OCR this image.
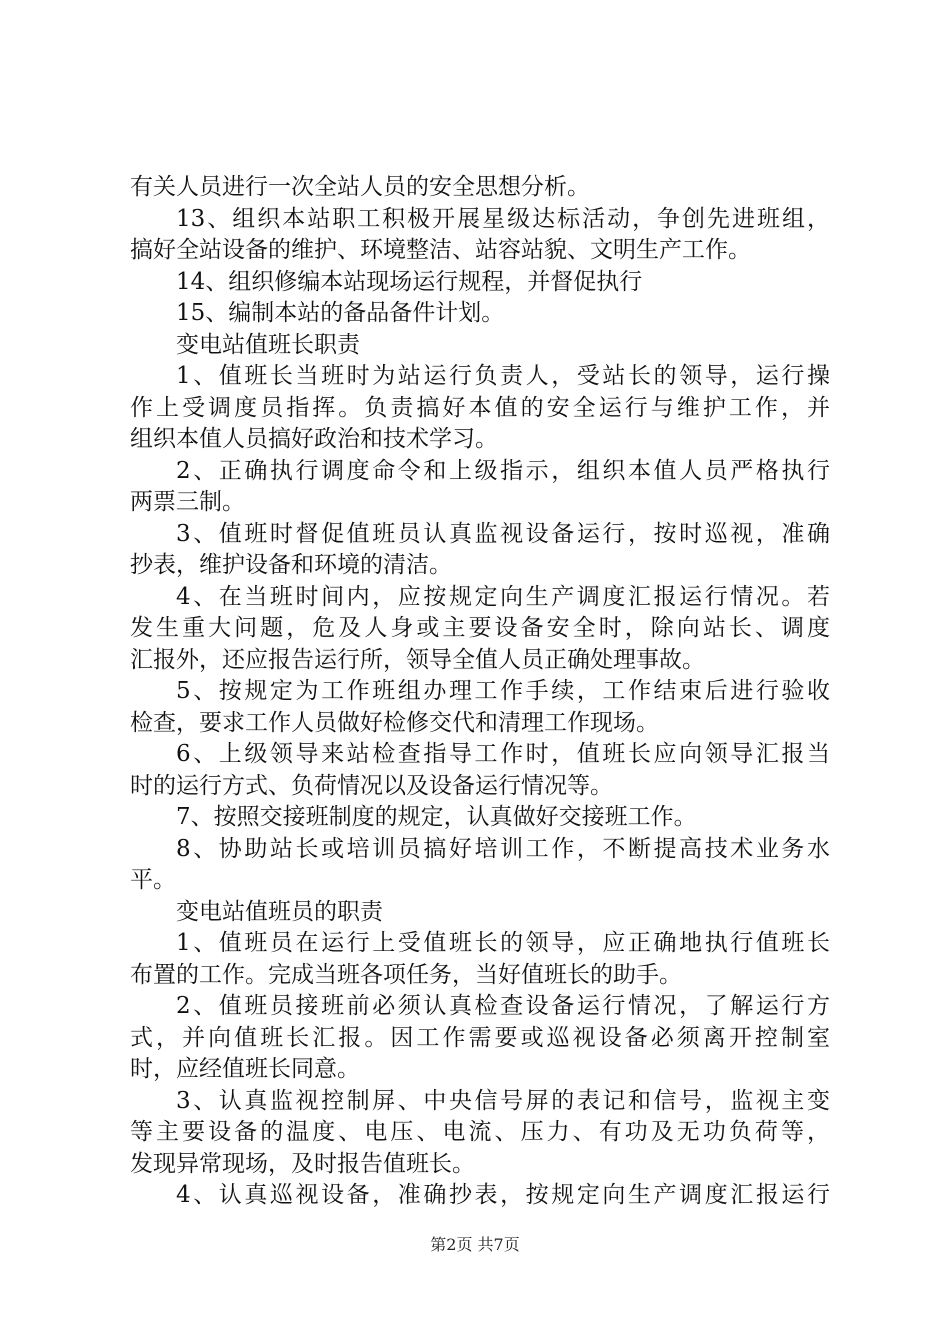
有关人员进行一次全站人员的安全思想分析。
13、组织本站职工积极开展星级达标活动，争创先进班组，
搞好全站设备的维护、环境整洁、站容站貌、文明生产工作。
14、组织修编本站现场运行规程，并督促执行
15、编制本站的备品备件计划。
变电站值班长职责
1、值班长当班时为站运行负责人，受站长的领导，运行操
作上受调度员指挥。负责搞好本值的安全运行与维护工作，并
组织本值人员搞好政治和技术学习。
2、正确执行调度命令和上级指示，组织本值人员严格执行
两票三制。
3、值班时督促值班员认真监视设备运行，按时巡视，准确
抄表，维护设备和环境的清洁。
4、在当班时间内，应按规定向生产调度汇报运行情况。若
发生重大问题，危及人身或主要设备安全时，除向站长、调度
汇报外，还应报告运行所，领导全值人员正确处理事故。
5、按规定为工作班组办理工作手续，工作结束后进行验收
检查，要求工作人员做好检修交代和清理工作现场。
6、上级领导来站检查指导工作时，值班长应向领导汇报当
时的运行方式、负荷情况以及设备运行情况等。
7、按照交接班制度的规定，认真做好交接班工作。
8、协助站长或培训员搞好培训工作，不断提高技术业务水
平。
变电站值班员的职责
1、值班员在运行上受值班长的领导，应正确地执行值班长
布置的工作。完成当班各项任务，当好值班长的助手。
2、值班员接班前必须认真检查设备运行情况，了解运行方
式，并向值班长汇报。因工作需要或巡视设备必须离开控制室
时，应经值班长同意。
3、认真监视控制屏、中央信号屏的表记和信号，监视主变
等主要设备的温度、电压、电流、压力、有功及无功负荷等，
发现异常现场，及时报告值班长。
4、认真巡视设备，准确抄表，按规定向生产调度汇报运行
第2页 共7页
